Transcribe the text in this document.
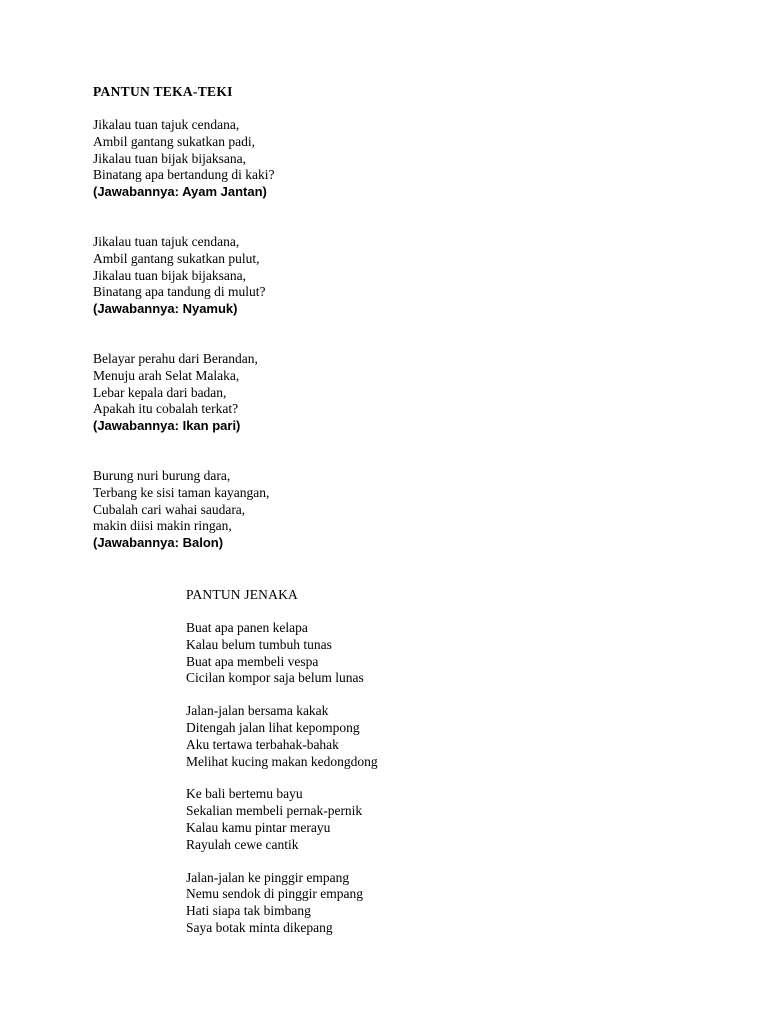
PANTUN TEKA-TEKI

Jikalau tuan tajuk cendana,
Ambil gantang sukatkan padi,
Jikalau tuan bijak bijaksana,
Binatang apa bertandung di kaki?
(Jawabannya: Ayam Jantan)

Jikalau tuan tajuk cendana,
Ambil gantang sukatkan pulut,
Jikalau tuan bijak bijaksana,
Binatang apa tandung di mulut?
(Jawabannya: Nyamuk)

Belayar perahu dari Berandan,
Menuju arah Selat Malaka,
Lebar kepala dari badan,
Apakah itu cobalah terkat?
(Jawabannya: Ikan pari)

Burung nuri burung dara,
Terbang ke sisi taman kayangan,
Cubalah cari wahai saudara,
makin diisi makin ringan,
(Jawabannya: Balon)

PANTUN JENAKA

Buat apa panen kelapa
Kalau belum tumbuh tunas
Buat apa membeli vespa
Cicilan kompor saja belum lunas

Jalan-jalan bersama kakak
Ditengah jalan lihat kepompong
Aku tertawa terbahak-bahak
Melihat kucing makan kedongdong

Ke bali bertemu bayu
Sekalian membeli pernak-pernik
Kalau kamu pintar merayu
Rayulah cewe cantik

Jalan-jalan ke pinggir empang
Nemu sendok di pinggir empang
Hati siapa tak bimbang
Saya botak minta dikepang
